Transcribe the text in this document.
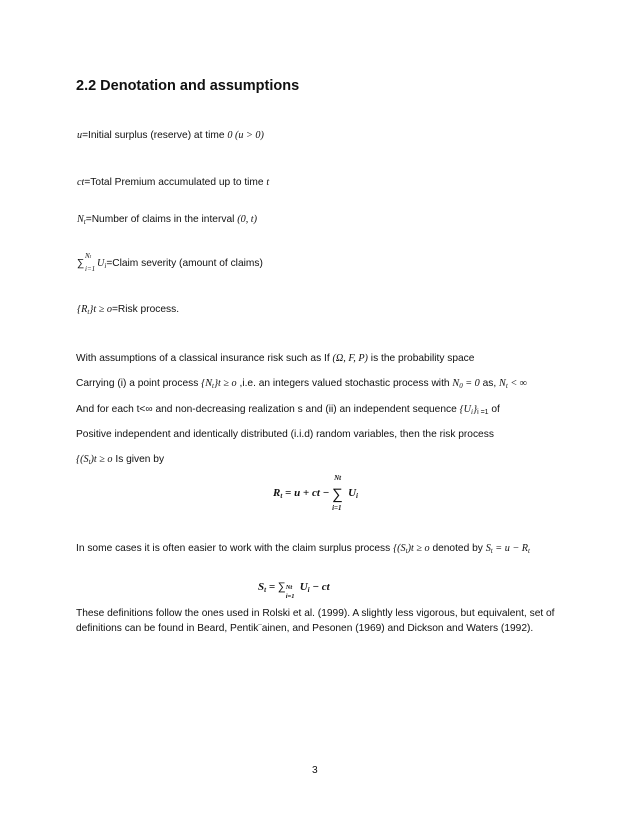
2.2 Denotation and assumptions
u=Initial surplus (reserve) at time 0 (u > 0)
ct=Total Premium accumulated up to time t
$N_t=Number$ of claims in the interval (0, t)
∑
Nt
i=1 $U_i=Claim$ severity (amount of claims)
$\{R_t\}t$ ≥ o=Risk process.
With assumptions of a classical insurance risk such as If (Ω, F, P) is the probability space
Carrying (i) a point process $\{N_t\}t \ge o$ ,i.e. an integers valued stochastic process with $N_0 = 0$ as, $N_t$ < ∞
And for each t<∞ and non-decreasing realization s and (ii) an independent sequence $\{U_i\}_{i =1}$ of
Positive independent and identically distributed (i.i.d) random variables, then the risk process
{$(S_t)t \ge o$ Is given by
$R_t = u$ + ct − ∑
Nt
i=1
$U_i$
In some cases it is often easier to work with the claim surplus process {$(S_t)t \ge o$ denoted by $S_t = u - R_t$
$S_t$ = ∑ Nt
i=1
$U_i$ − ct
These definitions follow the ones used in Rolski et al. (1999). A slightly less vigorous, but equivalent, set of definitions can be found in Beard, Pentik¨ainen, and Pesonen (1969) and Dickson and Waters (1992).
3
